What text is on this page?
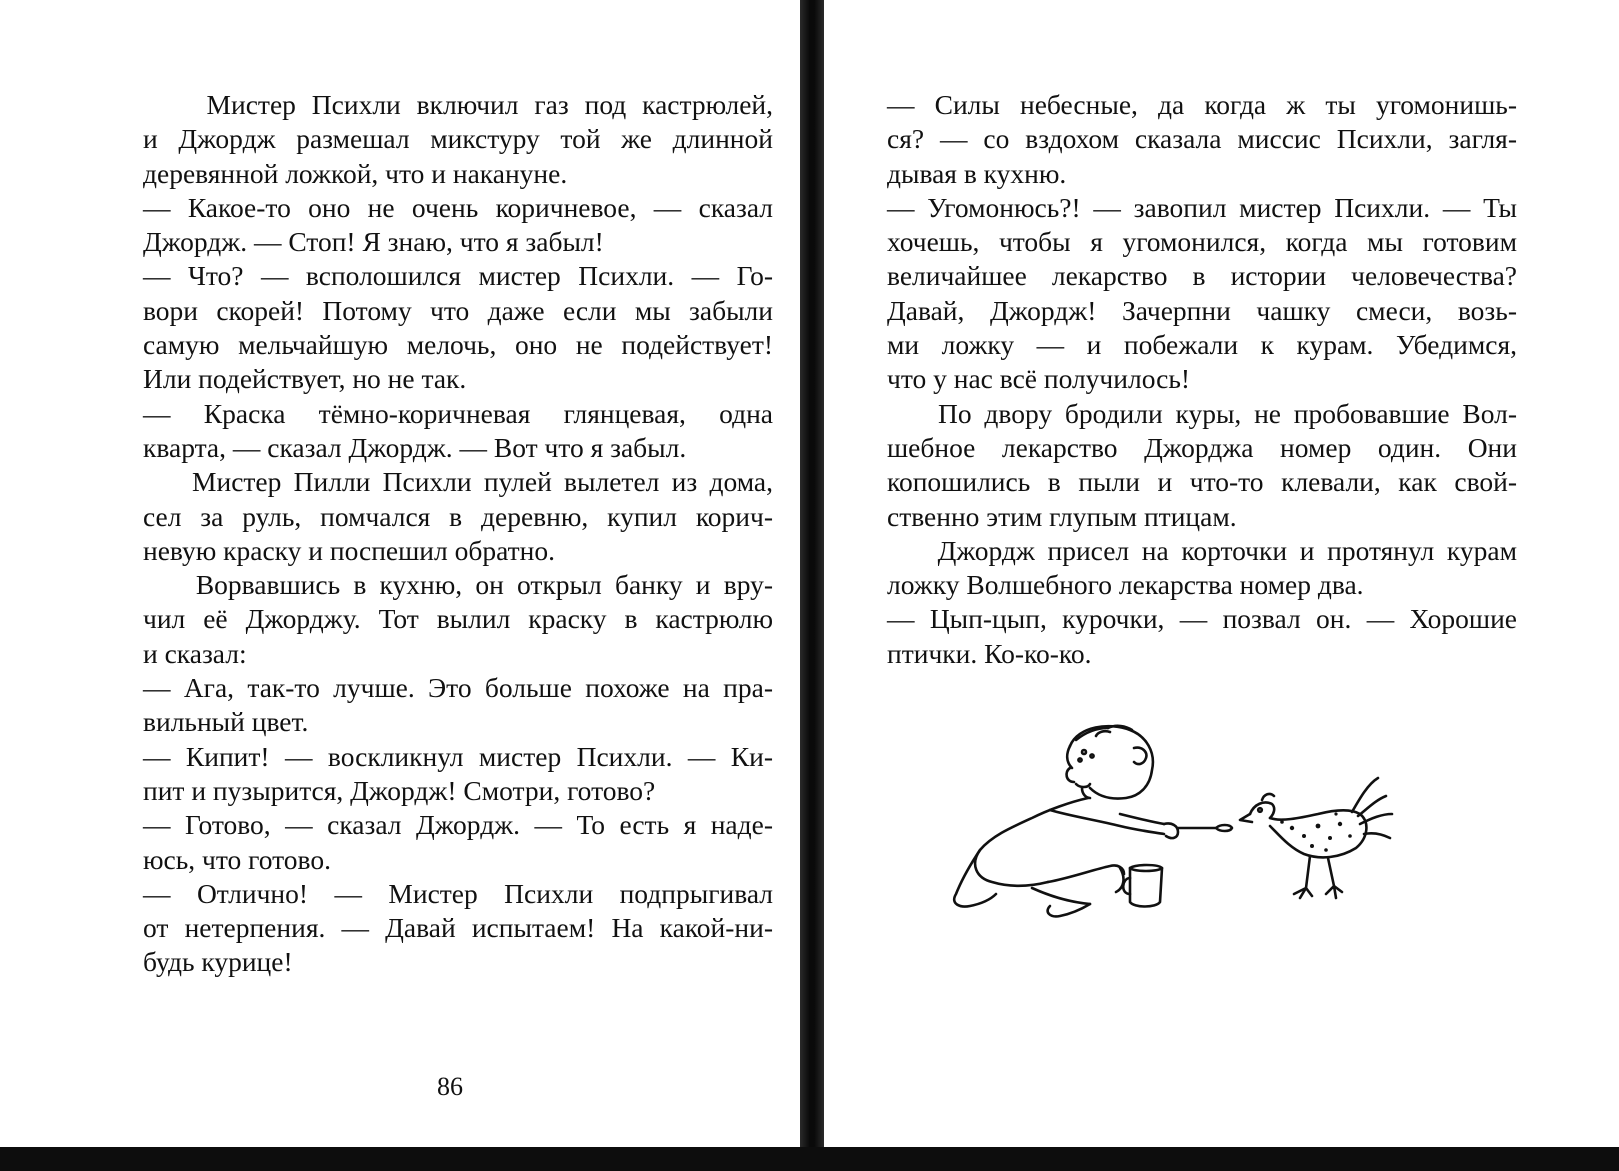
Мистер Психли включил газ под кастрюлей,
и Джордж размешал микстуру той же длинной
деревянной ложкой, что и накануне.
— Какое-то оно не очень коричневое, — сказал
Джордж. — Стоп! Я знаю, что я забыл!
— Что? — всполошился мистер Психли. — Го-
вори скорей! Потому что даже если мы забыли
самую мельчайшую мелочь, оно не подействует!
Или подействует, но не так.
— Краска тёмно-коричневая глянцевая, одна
кварта, — сказал Джордж. — Вот что я забыл.
Мистер Пилли Психли пулей вылетел из дома,
сел за руль, помчался в деревню, купил корич-
невую краску и поспешил обратно.
Ворвавшись в кухню, он открыл банку и вру-
чил её Джорджу. Тот вылил краску в кастрюлю
и сказал:
— Ага, так-то лучше. Это больше похоже на пра-
вильный цвет.
— Кипит! — воскликнул мистер Психли. — Ки-
пит и пузырится, Джордж! Смотри, готово?
— Готово, — сказал Джордж. — То есть я наде-
юсь, что готово.
— Отлично! — Мистер Психли подпрыгивал
от нетерпения. — Давай испытаем! На какой-ни-
будь курице!
86
— Силы небесные, да когда ж ты угомонишь-
ся? — со вздохом сказала миссис Психли, загля-
дывая в кухню.
— Угомонюсь?! — завопил мистер Психли. — Ты
хочешь, чтобы я угомонился, когда мы готовим
величайшее лекарство в истории человечества?
Давай, Джордж! Зачерпни чашку смеси, возь-
ми ложку — и побежали к курам. Убедимся,
что у нас всё получилось!
По двору бродили куры, не пробовавшие Вол-
шебное лекарство Джорджа номер один. Они
копошились в пыли и что-то клевали, как свой-
ственно этим глупым птицам.
Джордж присел на корточки и протянул курам
ложку Волшебного лекарства номер два.
— Цып-цып, курочки, — позвал он. — Хорошие
птички. Ко-ко-ко.
